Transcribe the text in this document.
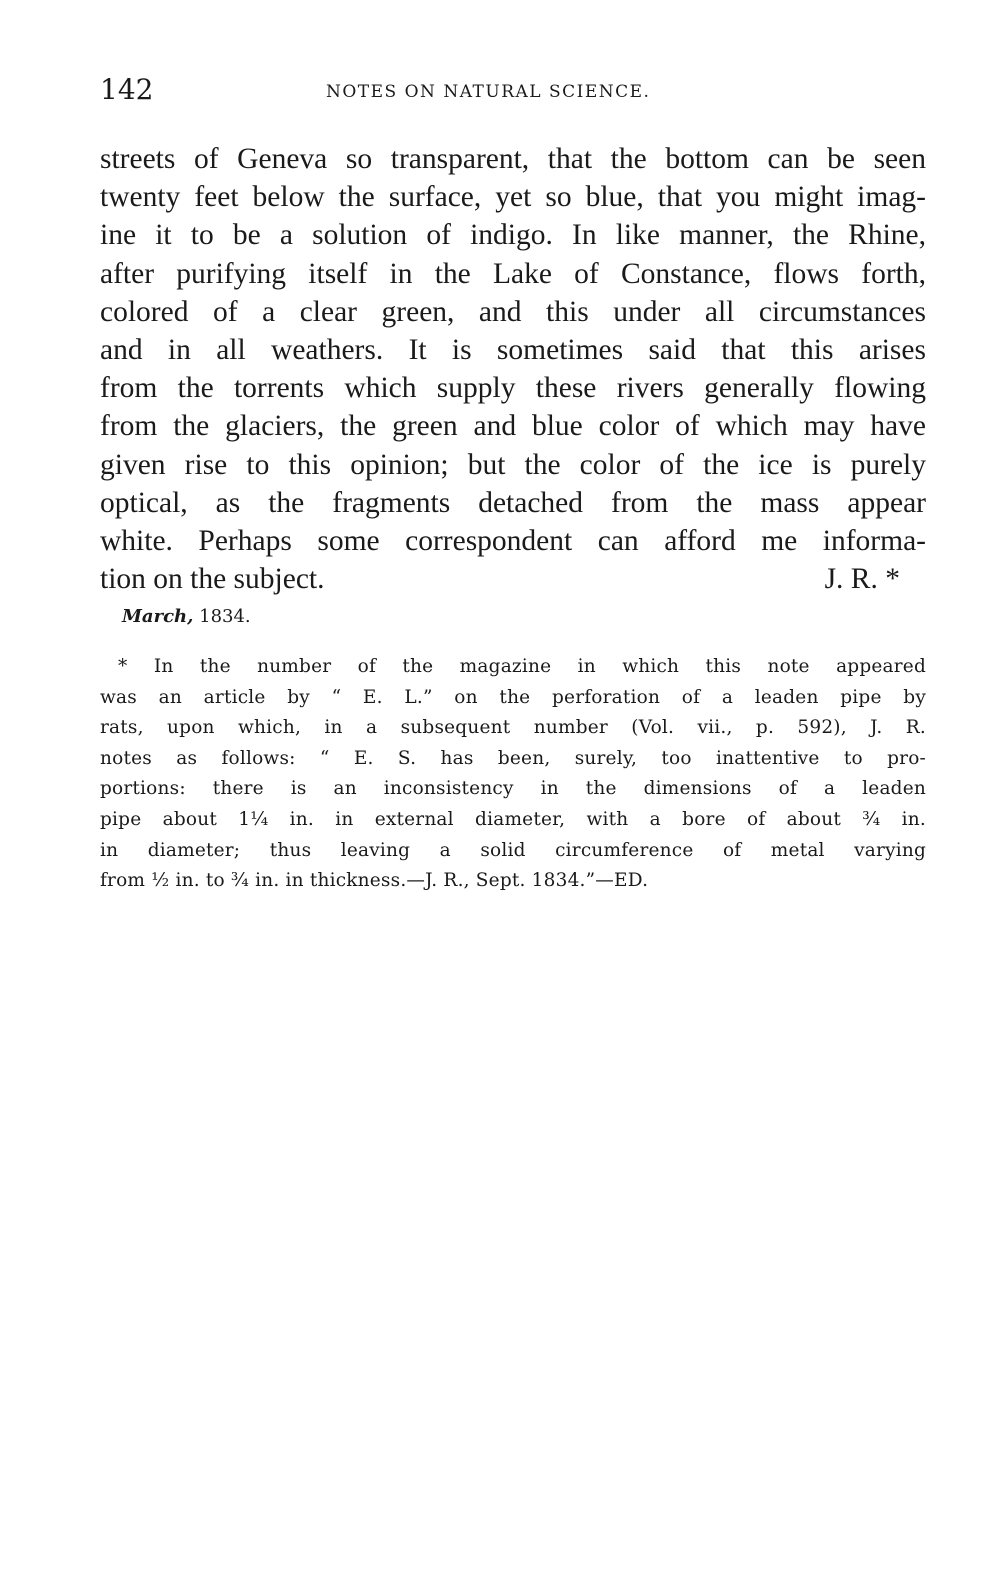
142	NOTES ON NATURAL SCIENCE.
streets of Geneva so transparent, that the bottom can be seen
twenty feet below the surface, yet so blue, that you might imag-
ine it to be a solution of indigo. In like manner, the Rhine,
after purifying itself in the Lake of Constance, flows forth,
colored of a clear green, and this under all circumstances
and in all weathers. It is sometimes said that this arises
from the torrents which supply these rivers generally flowing
from the glaciers, the green and blue color of which may have
given rise to this opinion; but the color of the ice is purely
optical, as the fragments detached from the mass appear
white. Perhaps some correspondent can afford me informa-
tion on the subject.	J. R. *
March, 1834.
* In the number of the magazine in which this note appeared
was an article by “ E. L.” on the perforation of a leaden pipe by
rats, upon which, in a subsequent number (Vol. vii., p. 592), J. R.
notes as follows: “ E. S. has been, surely, too inattentive to pro-
portions: there is an inconsistency in the dimensions of a leaden
pipe about 1¼ in. in external diameter, with a bore of about ¾ in.
in diameter; thus leaving a solid circumference of metal varying
from ½ in. to ¾ in. in thickness.—J. R., Sept. 1834.”—ED.
